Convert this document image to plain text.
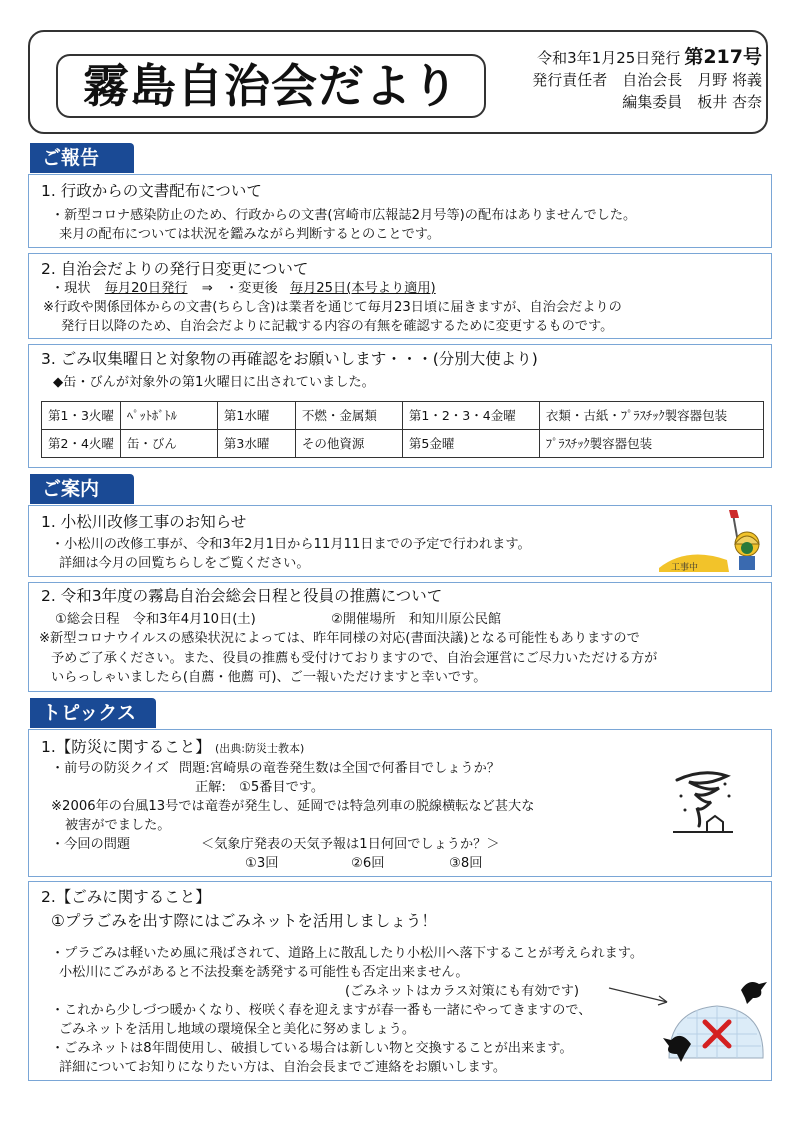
霧島自治会だより
令和3年1月25日発行 第217号
発行責任者　自治会長　月野 将義
編集委員　板井 杏奈
ご報告
1. 行政からの文書配布について
・新型コロナ感染防止のため、行政からの文書(宮崎市広報誌2月号等)の配布はありませんでした。
来月の配布については状況を鑑みながら判断するとのことです。
2. 自治会だよりの発行日変更について
・現状 毎月20日発行 ⇒ ・変更後 毎月25日(本号より適用)
※行政や関係団体からの文書(ちらし含)は業者を通じて毎月23日頃に届きますが、自治会だよりの
発行日以降のため、自治会だよりに記載する内容の有無を確認するために変更するものです。
3. ごみ収集曜日と対象物の再確認をお願いします・・・(分別大使より)
◆缶・びんが対象外の第1火曜日に出されていました。
第1・3火曜	ﾍﾟｯﾄﾎﾞﾄﾙ	第1水曜	不燃・金属類	第1・2・3・4金曜	衣類・古紙・ﾌﾟﾗｽﾁｯｸ製容器包装
第2・4火曜	缶・びん	第3水曜	その他資源	第5金曜	ﾌﾟﾗｽﾁｯｸ製容器包装
ご案内
1. 小松川改修工事のお知らせ
・小松川の改修工事が、令和3年2月1日から11月11日までの予定で行われます。
詳細は今月の回覧ちらしをご覧ください。	工事中
2. 令和3年度の霧島自治会総会日程と役員の推薦について
①総会日程　令和3年4月10日(土)	②開催場所　和知川原公民館
※新型コロナウイルスの感染状況によっては、昨年同様の対応(書面決議)となる可能性もありますので
予めご了承ください。また、役員の推薦も受付けておりますので、自治会運営にご尽力いただける方が
いらっしゃいましたら(自薦・他薦 可)、ご一報いただけますと幸いです。
トピックス
1.【防災に関すること】 (出典:防災士教本)
・前号の防災クイズ 問題:宮崎県の竜巻発生数は全国で何番目でしょうか？
正解:　①5番目です。
※2006年の台風13号では竜巻が発生し、延岡では特急列車の脱線横転など甚大な
被害がでました。
・今回の問題	＜気象庁発表の天気予報は1日何回でしょうか？＞
①3回	②6回	③8回
2.【ごみに関すること】
①プラごみを出す際にはごみネットを活用しましょう！
・プラごみは軽いため風に飛ばされて、道路上に散乱したり小松川へ落下することが考えられます。
小松川にごみがあると不法投棄を誘発する可能性も否定出来ません。
(ごみネットはカラス対策にも有効です)
・これから少しづつ暖かくなり、桜咲く春を迎えますが春一番も一諸にやってきますので、
ごみネットを活用し地域の環境保全と美化に努めましょう。
・ごみネットは8年間使用し、破損している場合は新しい物と交換することが出来ます。
詳細についてお知りになりたい方は、自治会長までご連絡をお願いします。
